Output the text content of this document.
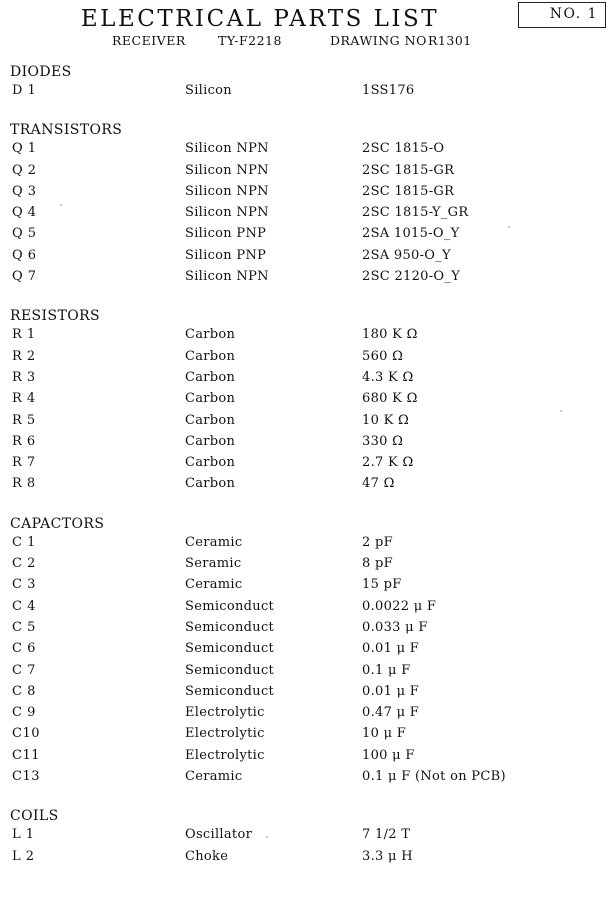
ELECTRICAL PARTS LIST	NO. 1
RECEIVER	TY-F2218	DRAWING NO R1301
DIODES
D 1	Silicon	1SS176
TRANSISTORS
Q 1	Silicon NPN	2SC 1815-O
Q 2	Silicon NPN	2SC 1815-GR
Q 3	Silicon NPN	2SC 1815-GR
Q 4	Silicon NPN	2SC 1815-Y_GR
Q 5	Silicon PNP	2SA 1015-O_Y
Q 6	Silicon PNP	2SA 950-O_Y
Q 7	Silicon NPN	2SC 2120-O_Y
RESISTORS
R 1	Carbon	180 K Ω
R 2	Carbon	560 Ω
R 3	Carbon	4.3 K Ω
R 4	Carbon	680 K Ω
R 5	Carbon	10 K Ω
R 6	Carbon	330 Ω
R 7	Carbon	2.7 K Ω
R 8	Carbon	47 Ω
CAPACTORS
C 1	Ceramic	2 pF
C 2	Seramic	8 pF
C 3	Ceramic	15 pF
C 4	Semiconduct	0.0022 μ F
C 5	Semiconduct	0.033 μ F
C 6	Semiconduct	0.01 μ F
C 7	Semiconduct	0.1 μ F
C 8	Semiconduct	0.01 μ F
C 9	Electrolytic	0.47 μ F
C10	Electrolytic	10 μ F
C11	Electrolytic	100 μ F
C13	Ceramic	0.1 μ F (Not on PCB)
COILS
L 1	Oscillator	7 1/2 T
L 2	Choke	3.3 μ H
